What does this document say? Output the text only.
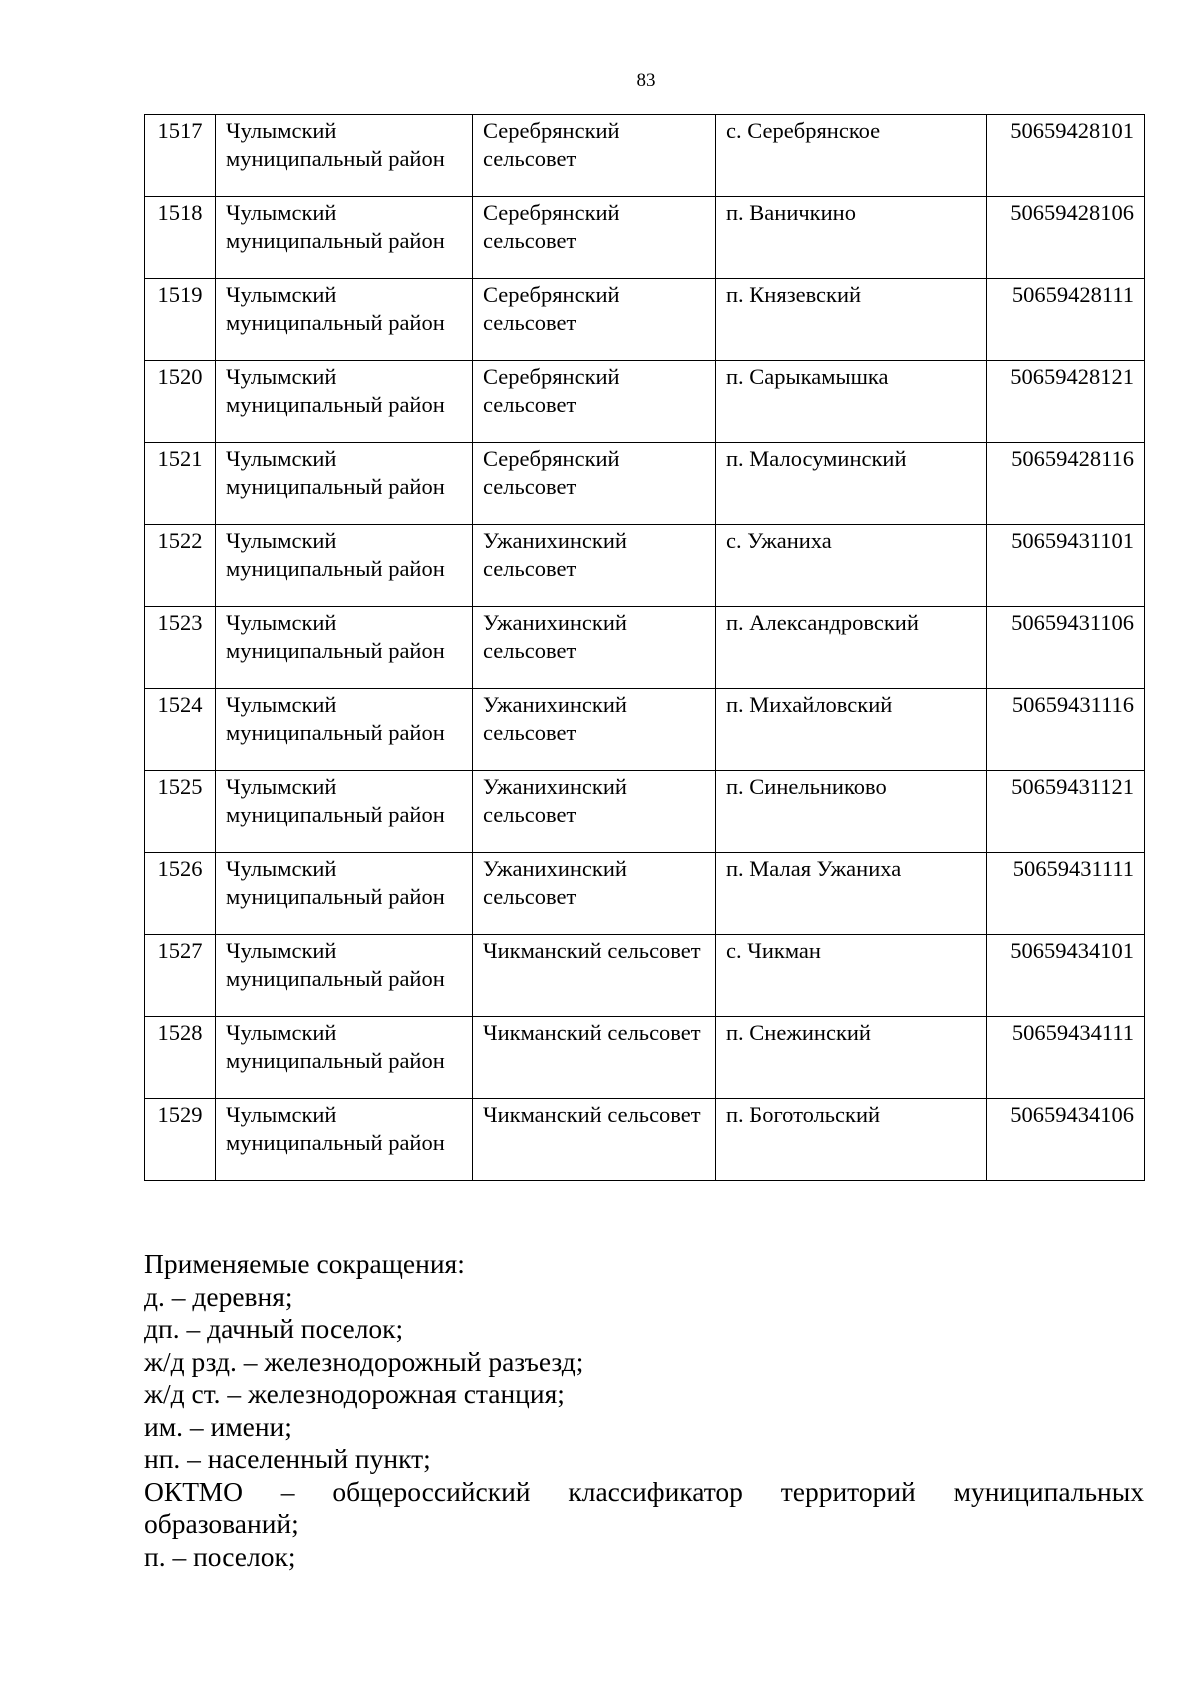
83
1517	Чулымский муниципальный район	Серебрянский сельсовет	с. Серебрянское	50659428101
1518	Чулымский муниципальный район	Серебрянский сельсовет	п. Ваничкино	50659428106
1519	Чулымский муниципальный район	Серебрянский сельсовет	п. Князевский	50659428111
1520	Чулымский муниципальный район	Серебрянский сельсовет	п. Сарыкамышка	50659428121
1521	Чулымский муниципальный район	Серебрянский сельсовет	п. Малосуминский	50659428116
1522	Чулымский муниципальный район	Ужанихинский сельсовет	с. Ужаниха	50659431101
1523	Чулымский муниципальный район	Ужанихинский сельсовет	п. Александровский	50659431106
1524	Чулымский муниципальный район	Ужанихинский сельсовет	п. Михайловский	50659431116
1525	Чулымский муниципальный район	Ужанихинский сельсовет	п. Синельниково	50659431121
1526	Чулымский муниципальный район	Ужанихинский сельсовет	п. Малая Ужаниха	50659431111
1527	Чулымский муниципальный район	Чикманский сельсовет	с. Чикман	50659434101
1528	Чулымский муниципальный район	Чикманский сельсовет	п. Снежинский	50659434111
1529	Чулымский муниципальный район	Чикманский сельсовет	п. Боготольский	50659434106
Применяемые сокращения:
д. – деревня;
дп. – дачный поселок;
ж/д рзд. – железнодорожный разъезд;
ж/д ст. – железнодорожная станция;
им. – имени;
нп. – населенный пункт;
ОКТМО – общероссийский классификатор территорий муниципальных
образований;
п. – поселок;
